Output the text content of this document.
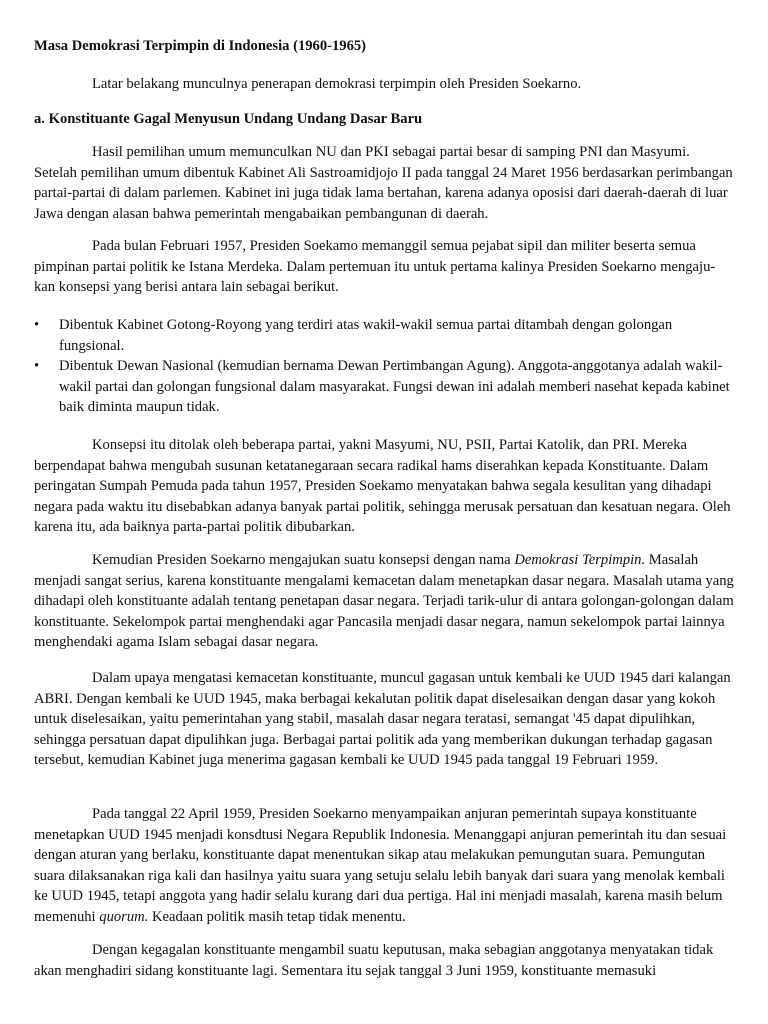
Masa Demokrasi Terpimpin di Indonesia (1960-1965)

Latar belakang munculnya penerapan demokrasi terpimpin oleh Presiden Soekarno.

a. Konstituante Gagal Menyusun Undang Undang Dasar Baru

Hasil pemilihan umum memunculkan NU dan PKI sebagai partai besar di samping PNI dan Masyumi. Setelah pemilihan umum dibentuk Kabinet Ali Sastroamidjojo II pada tanggal 24 Maret 1956 berdasarkan perimbangan partai-partai di dalam parlemen. Kabinet ini juga tidak lama bertahan, karena adanya oposisi dari daerah-daerah di luar Jawa dengan alasan bahwa pemerintah mengabaikan pembangunan di daerah.

Pada bulan Februari 1957, Presiden Soekamo memanggil semua pejabat sipil dan militer beserta semua pimpinan partai politik ke Istana Merdeka. Dalam pertemuan itu untuk pertama kalinya Presiden Soekarno mengaju-kan konsepsi yang berisi antara lain sebagai berikut.

• Dibentuk Kabinet Gotong-Royong yang terdiri atas wakil-wakil semua partai ditambah dengan golongan fungsional.
• Dibentuk Dewan Nasional (kemudian bernama Dewan Pertimbangan Agung). Anggota-anggotanya adalah wakil-wakil partai dan golongan fungsional dalam masyarakat. Fungsi dewan ini adalah memberi nasehat kepada kabinet baik diminta maupun tidak.

Konsepsi itu ditolak oleh beberapa partai, yakni Masyumi, NU, PSII, Partai Katolik, dan PRI. Mereka berpendapat bahwa mengubah susunan ketatanegaraan secara radikal hams diserahkan kepada Konstituante. Dalam peringatan Sumpah Pemuda pada tahun 1957, Presiden Soekamo menyatakan bahwa segala kesulitan yang dihadapi negara pada waktu itu disebabkan adanya banyak partai politik, sehingga merusak persatuan dan kesatuan negara. Oleh karena itu, ada baiknya parta-partai politik dibubarkan.

Kemudian Presiden Soekarno mengajukan suatu konsepsi dengan nama Demokrasi Terpimpin. Masalah menjadi sangat serius, karena konstituante mengalami kemacetan dalam menetapkan dasar negara. Masalah utama yang dihadapi oleh konstituante adalah tentang penetapan dasar negara. Terjadi tarik-ulur di antara golongan-golongan dalam konstituante. Sekelompok partai menghendaki agar Pancasila menjadi dasar negara, namun sekelompok partai lainnya menghendaki agama Islam sebagai dasar negara.

Dalam upaya mengatasi kemacetan konstituante, muncul gagasan untuk kembali ke UUD 1945 dari kalangan ABRI. Dengan kembali ke UUD 1945, maka berbagai kekalutan politik dapat diselesaikan dengan dasar yang kokoh untuk diselesaikan, yaitu pemerintahan yang stabil, masalah dasar negara teratasi, semangat '45 dapat dipulihkan, sehingga persatuan dapat dipulihkan juga. Berbagai partai politik ada yang memberikan dukungan terhadap gagasan tersebut, kemudian Kabinet juga menerima gagasan kembali ke UUD 1945 pada tanggal 19 Februari 1959.

Pada tanggal 22 April 1959, Presiden Soekarno menyampaikan anjuran pemerintah supaya konstituante menetapkan UUD 1945 menjadi konsdtusi Negara Republik Indonesia. Menanggapi anjuran pemerintah itu dan sesuai dengan aturan yang berlaku, konstituante dapat menentukan sikap atau melakukan pemungutan suara. Pemungutan suara dilaksanakan riga kali dan hasilnya yaitu suara yang setuju selalu lebih banyak dari suara yang menolak kembali ke UUD 1945, tetapi anggota yang hadir selalu kurang dari dua pertiga. Hal ini menjadi masalah, karena masih belum memenuhi quorum. Keadaan politik masih tetap tidak menentu.

Dengan kegagalan konstituante mengambil suatu keputusan, maka sebagian anggotanya menyatakan tidak akan menghadiri sidang konstituante lagi. Sementara itu sejak tanggal 3 Juni 1959, konstituante memasuki
